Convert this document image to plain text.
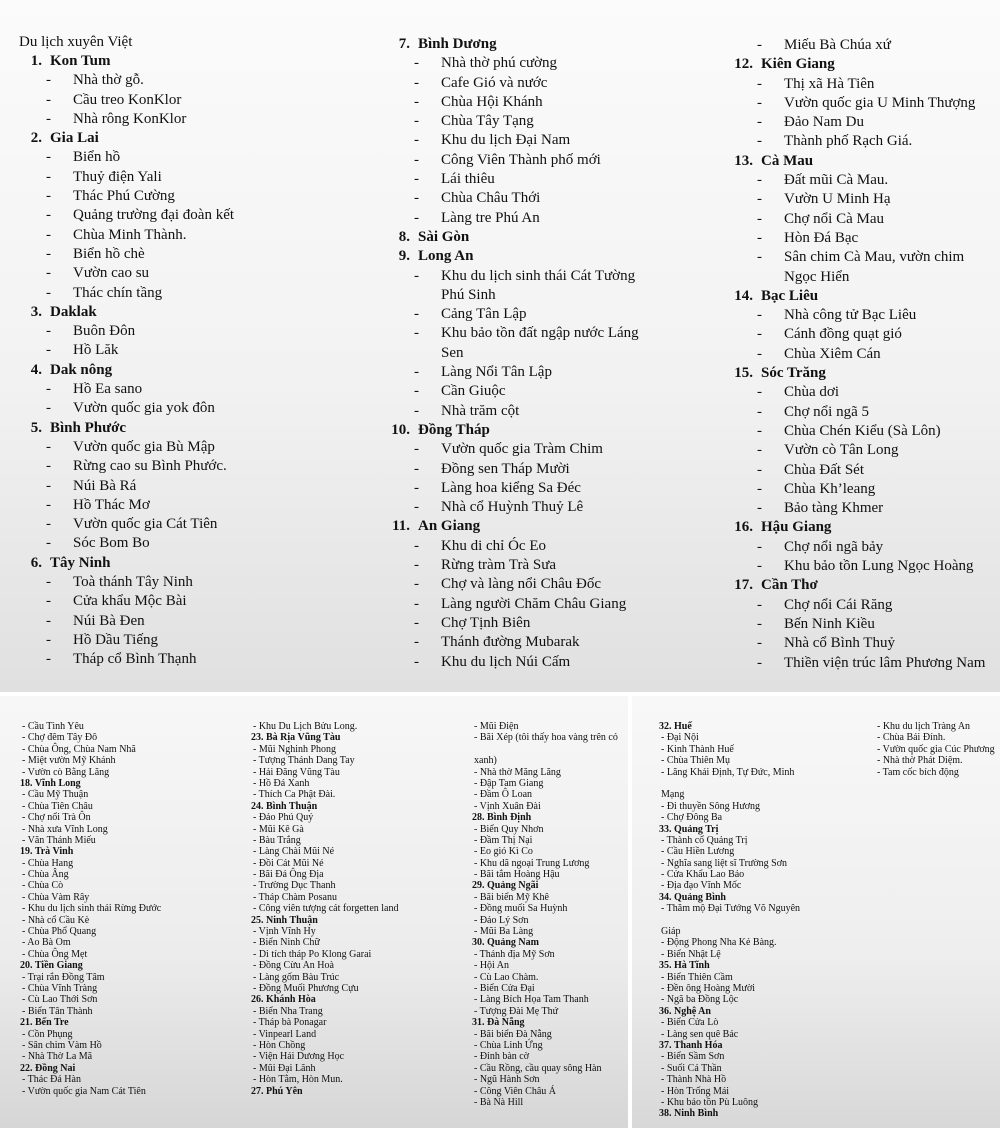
Du lịch xuyên Việt
1. Kon Tum
-	Nhà thờ gỗ.
-	Cầu treo KonKlor
-	Nhà rông KonKlor
2. Gia Lai
-	Biển hồ
-	Thuỷ điện Yali
-	Thác Phú Cường
-	Quảng trường đại đoàn kết
-	Chùa Minh Thành.
-	Biển hồ chè
-	Vườn cao su
-	Thác chín tầng
3. Daklak
-	Buôn Đôn
-	Hồ Lăk
4. Dak nông
-	Hồ Ea sano
-	Vườn quốc gia yok đôn
5. Bình Phước
-	Vườn quốc gia Bù Mập
-	Rừng cao su Bình Phước.
-	Núi Bà Rá
-	Hồ Thác Mơ
-	Vườn quốc gia Cát Tiên
-	Sóc Bom Bo
6. Tây Ninh
-	Toà thánh Tây Ninh
-	Cửa khẩu Mộc Bài
-	Núi Bà Đen
-	Hồ Dầu Tiếng
-	Tháp cổ Bình Thạnh
7. Bình Dương
-	Nhà thờ phú cường
-	Cafe Gió và nước
-	Chùa Hội Khánh
-	Chùa Tây Tạng
-	Khu du lịch Đại Nam
-	Công Viên Thành phố mới
-	Lái thiêu
-	Chùa Châu Thới
-	Làng tre Phú An
8. Sài Gòn
9. Long An
-	Khu du lịch sinh thái Cát Tường
Phú Sinh
-	Cảng Tân Lập
-	Khu bảo tồn đất ngập nước Láng
Sen
-	Làng Nổi Tân Lập
-	Cần Giuộc
-	Nhà trăm cột
10. Đồng Tháp
-	Vườn quốc gia Tràm Chim
-	Đồng sen Tháp Mười
-	Làng hoa kiểng Sa Đéc
-	Nhà cổ Huỳnh Thuỷ Lê
11. An Giang
-	Khu di chỉ Óc Eo
-	Rừng tràm Trà Sưa
-	Chợ và làng nổi Châu Đốc
-	Làng người Chăm Châu Giang
-	Chợ Tịnh Biên
-	Thánh đường Mubarak
-	Khu du lịch Núi Cấm
-	Miếu Bà Chúa xứ
12. Kiên Giang
-	Thị xã Hà Tiên
-	Vườn quốc gia U Minh Thượng
-	Đảo Nam Du
-	Thành phố Rạch Giá.
13. Cà Mau
-	Đất mũi Cà Mau.
-	Vườn U Minh Hạ
-	Chợ nổi Cà Mau
-	Hòn Đá Bạc
-	Sân chim Cà Mau, vườn chim
Ngọc Hiển
14. Bạc Liêu
-	Nhà công tử Bạc Liêu
-	Cánh đồng quạt gió
-	Chùa Xiêm Cán
15. Sóc Trăng
-	Chùa dơi
-	Chợ nổi ngã 5
-	Chùa Chén Kiểu (Sà Lôn)
-	Vườn cò Tân Long
-	Chùa Đất Sét
-	Chùa Kh’leang
-	Bảo tàng Khmer
16. Hậu Giang
-	Chợ nổi ngã bảy
-	Khu bảo tồn Lung Ngọc Hoàng
17. Cần Thơ
-	Chợ nổi Cái Răng
-	Bến Ninh Kiều
-	Nhà cổ Bình Thuỷ
-	Thiền viện trúc lâm Phương Nam
- Cầu Tình Yêu
- Chợ đêm Tây Đô
- Chùa Ông, Chùa Nam Nhã
- Miệt vườn Mỹ Khánh
- Vườn cò Bằng Lăng
18. Vĩnh Long
- Cầu Mỹ Thuận
- Chùa Tiên Châu
- Chợ nổi Trà Ôn
- Nhà xưa Vĩnh Long
- Văn Thánh Miếu
19. Trà Vinh
- Chùa Hang
- Chùa Âng
- Chùa Cò
- Chùa Vàm Rây
- Khu du lịch sinh thái Rừng Đước
- Nhà cổ Cầu Kè
- Chùa Phổ Quang
- Ao Bà Om
- Chùa Ông Mẹt
20. Tiền Giang
- Trại rắn Đồng Tâm
- Chùa Vĩnh Tràng
- Cù Lao Thới Sơn
- Biển Tân Thành
21. Bến Tre
- Cồn Phụng
- Sân chim Vàm Hồ
- Nhà Thờ La Mã
22. Đồng Nai
- Thác Đá Hàn
- Vườn quốc gia Nam Cát Tiên
- Khu Du Lịch Bửu Long.
23. Bà Rịa Vũng Tàu
- Mũi Nghinh Phong
- Tượng Thánh Dang Tay
- Hải Đăng Vũng Tàu
- Hồ Đá Xanh
- Thích Ca Phật Đài.
24. Bình Thuận
- Đảo Phú Quý
- Mũi Kê Gà
- Bàu Trắng
- Làng Chài Mũi Né
- Đồi Cát Mũi Né
- Bãi Đá Ông Địa
- Trường Dục Thanh
- Tháp Chàm Posanu
- Công viên tượng cát forgetten land
25. Ninh Thuận
- Vịnh Vĩnh Hy
- Biển Ninh Chữ
- Di tích tháp Po Klong Garai
- Đồng Cừu An Hoà
- Làng gốm Bàu Trúc
- Đồng Muối Phương Cựu
26. Khánh Hòa
- Biển Nha Trang
- Tháp bà Ponagar
- Vinpearl Land
- Hòn Chồng
- Viện Hải Dương Học
- Mũi Đại Lãnh
- Hòn Tằm, Hòn Mun.
27. Phú Yên
- Mũi Điện
- Bãi Xép (tôi thấy hoa vàng trên cỏ
xanh)
- Nhà thờ Măng Lăng
- Đập Tam Giang
- Đầm Ô Loan
- Vịnh Xuân Đài
28. Bình Định
- Biển Quy Nhơn
- Đầm Thị Nại
- Eo gió Kì Co
- Khu dã ngoại Trung Lương
- Bãi tắm Hoàng Hậu
29. Quảng Ngãi
- Bãi biển Mỹ Khê
- Đồng muối Sa Huỳnh
- Đảo Lý Sơn
- Mũi Ba Làng
30. Quảng Nam
- Thánh địa Mỹ Sơn
- Hội An
- Cù Lao Chàm.
- Biển Cửa Đại
- Làng Bích Họa Tam Thanh
- Tượng Đài Mẹ Thứ
31. Đà Nẵng
- Bãi biển Đà Nẵng
- Chùa Linh Ứng
- Đỉnh bàn cờ
- Cầu Rồng, cầu quay sông Hàn
- Ngũ Hành Sơn
- Công Viên Châu Á
- Bà Nà Hill
32. Huế
- Đại Nội
- Kinh Thành Huế
- Chùa Thiên Mụ
- Lăng Khải Định, Tự Đức, Minh
Mạng
- Đi thuyền Sông Hương
- Chợ Đông Ba
33. Quảng Trị
- Thành cổ Quảng Trị
- Cầu Hiền Lương
- Nghĩa sang liệt sĩ Trường Sơn
- Cửa Khẩu Lao Bảo
- Địa đạo Vĩnh Mốc
34. Quảng Bình
- Thăm mộ Đại Tướng Võ Nguyên
Giáp
- Động Phong Nha Kẻ Bàng.
- Biển Nhật Lệ
35. Hà Tĩnh
- Biển Thiên Cầm
- Đền ông Hoàng Mười
- Ngã ba Đồng Lộc
36. Nghệ An
- Biển Cửa Lò
- Làng sen quê Bác
37. Thanh Hóa
- Biển Sầm Sơn
- Suối Cá Thần
- Thành Nhà Hồ
- Hòn Trống Mái
- Khu bảo tồn Pù Luông
38. Ninh Bình
- Khu du lịch Tràng An
- Chùa Bái Đính.
- Vườn quốc gia Cúc Phương
- Nhà thờ Phát Diệm.
- Tam cốc bích động
